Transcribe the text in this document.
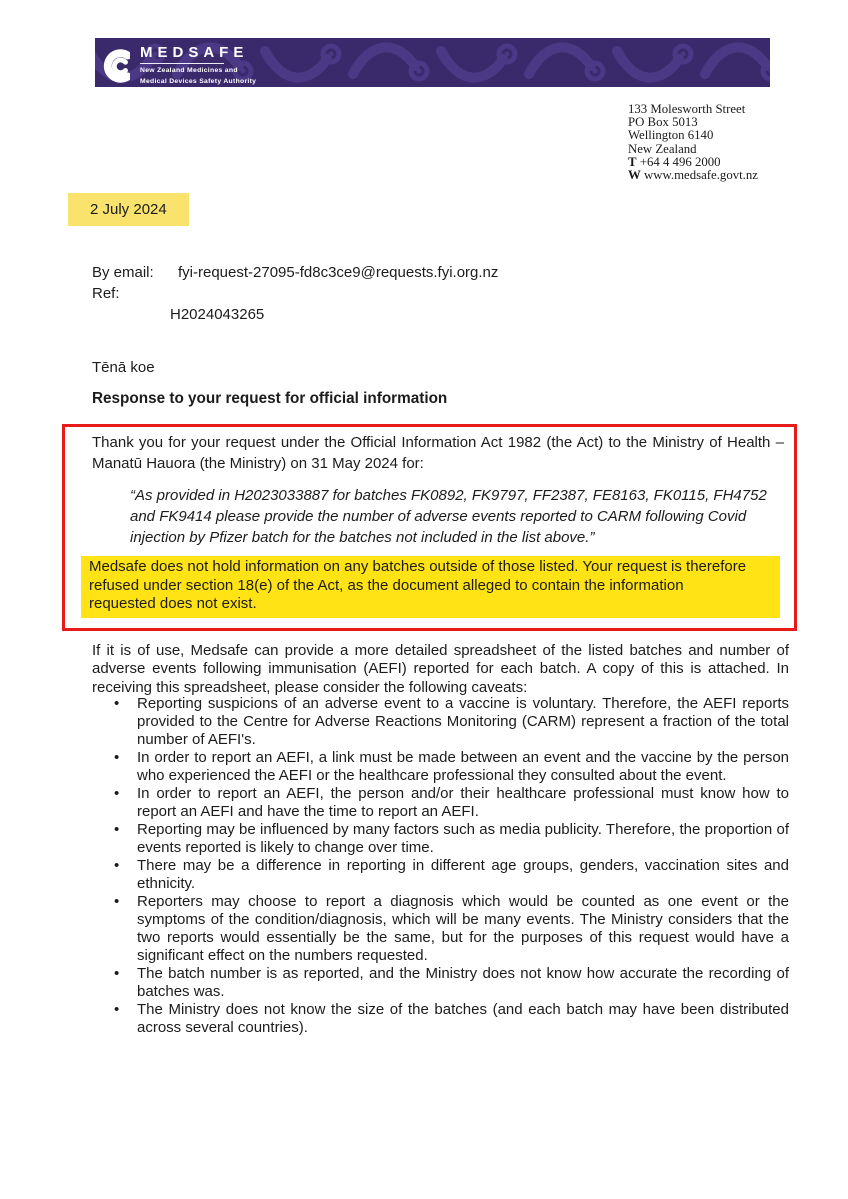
MEDSAFE
New Zealand Medicines and
Medical Devices Safety Authority
133 Molesworth Street
PO Box 5013
Wellington 6140
New Zealand
T +64 4 496 2000
W www.medsafe.govt.nz
2 July 2024
By email: fyi-request-27095-fd8c3ce9@requests.fyi.org.nz
Ref:
H2024043265
Tēnā koe
Response to your request for official information

Thank you for your request under the Official Information Act 1982 (the Act) to the Ministry of Health – Manatū Hauora (the Ministry) on 31 May 2024 for:

“As provided in H2023033887 for batches FK0892, FK9797, FF2387, FE8163, FK0115, FH4752 and FK9414 please provide the number of adverse events reported to CARM following Covid injection by Pfizer batch for the batches not included in the list above.”

Medsafe does not hold information on any batches outside of those listed. Your request is therefore refused under section 18(e) of the Act, as the document alleged to contain the information requested does not exist.

If it is of use, Medsafe can provide a more detailed spreadsheet of the listed batches and number of adverse events following immunisation (AEFI) reported for each batch. A copy of this is attached. In receiving this spreadsheet, please consider the following caveats:

• Reporting suspicions of an adverse event to a vaccine is voluntary. Therefore, the AEFI reports provided to the Centre for Adverse Reactions Monitoring (CARM) represent a fraction of the total number of AEFI's.
• In order to report an AEFI, a link must be made between an event and the vaccine by the person who experienced the AEFI or the healthcare professional they consulted about the event.
• In order to report an AEFI, the person and/or their healthcare professional must know how to report an AEFI and have the time to report an AEFI.
• Reporting may be influenced by many factors such as media publicity. Therefore, the proportion of events reported is likely to change over time.
• There may be a difference in reporting in different age groups, genders, vaccination sites and ethnicity.
• Reporters may choose to report a diagnosis which would be counted as one event or the symptoms of the condition/diagnosis, which will be many events. The Ministry considers that the two reports would essentially be the same, but for the purposes of this request would have a significant effect on the numbers requested.
• The batch number is as reported, and the Ministry does not know how accurate the recording of batches was.
• The Ministry does not know the size of the batches (and each batch may have been distributed across several countries).
